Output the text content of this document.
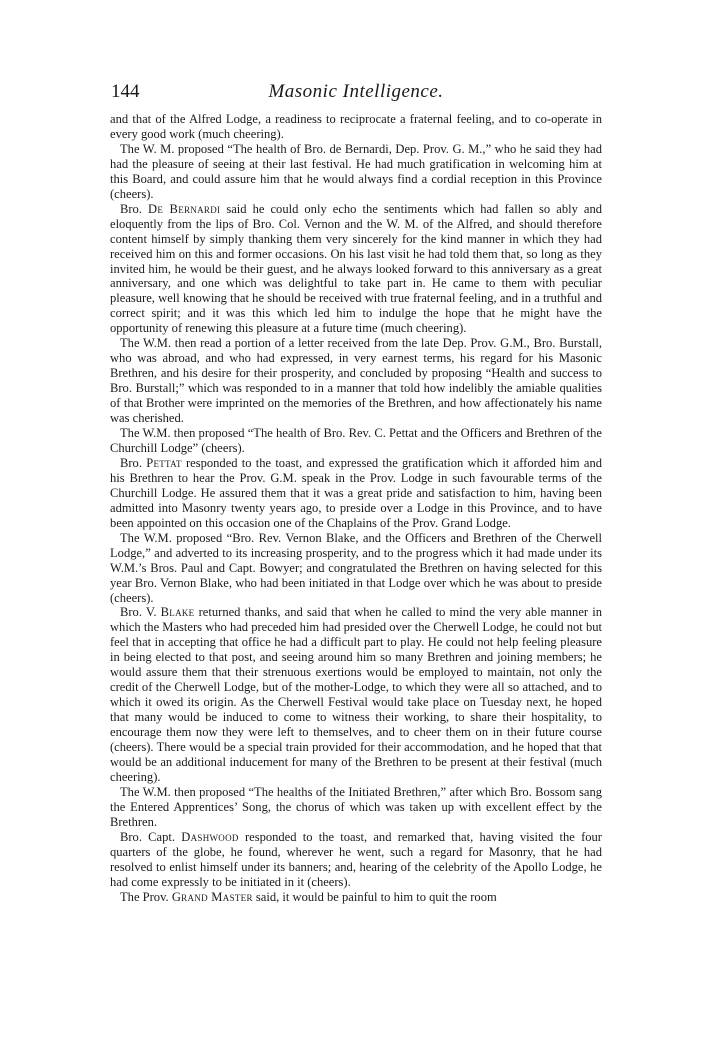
144	Masonic Intelligence.

and that of the Alfred Lodge, a readiness to reciprocate a fraternal feeling, and to co-operate in every good work (much cheering).

The W. M. proposed “The health of Bro. de Bernardi, Dep. Prov. G. M.,” who he said they had had the pleasure of seeing at their last festival. He had much gratification in welcoming him at this Board, and could assure him that he would always find a cordial reception in this Province (cheers).

Bro. De Bernardi said he could only echo the sentiments which had fallen so ably and eloquently from the lips of Bro. Col. Vernon and the W. M. of the Alfred, and should therefore content himself by simply thanking them very sincerely for the kind manner in which they had received him on this and former occasions. On his last visit he had told them that, so long as they invited him, he would be their guest, and he always looked forward to this anniversary as a great anniversary, and one which was delightful to take part in. He came to them with peculiar pleasure, well knowing that he should be received with true fraternal feeling, and in a truthful and correct spirit; and it was this which led him to indulge the hope that he might have the opportunity of renewing this pleasure at a future time (much cheering).

The W.M. then read a portion of a letter received from the late Dep. Prov. G.M., Bro. Burstall, who was abroad, and who had expressed, in very earnest terms, his regard for his Masonic Brethren, and his desire for their prosperity, and concluded by proposing “Health and success to Bro. Burstall;” which was responded to in a manner that told how indelibly the amiable qualities of that Brother were imprinted on the memories of the Brethren, and how affectionately his name was cherished.

The W.M. then proposed “The health of Bro. Rev. C. Pettat and the Officers and Brethren of the Churchill Lodge” (cheers).

Bro. Pettat responded to the toast, and expressed the gratification which it afforded him and his Brethren to hear the Prov. G.M. speak in the Prov. Lodge in such favourable terms of the Churchill Lodge. He assured them that it was a great pride and satisfaction to him, having been admitted into Masonry twenty years ago, to preside over a Lodge in this Province, and to have been appointed on this occasion one of the Chaplains of the Prov. Grand Lodge.

The W.M. proposed “Bro. Rev. Vernon Blake, and the Officers and Brethren of the Cherwell Lodge,” and adverted to its increasing prosperity, and to the progress which it had made under its W.M.’s Bros. Paul and Capt. Bowyer; and congratulated the Brethren on having selected for this year Bro. Vernon Blake, who had been initiated in that Lodge over which he was about to preside (cheers).

Bro. V. Blake returned thanks, and said that when he called to mind the very able manner in which the Masters who had preceded him had presided over the Cherwell Lodge, he could not but feel that in accepting that office he had a difficult part to play. He could not help feeling pleasure in being elected to that post, and seeing around him so many Brethren and joining members; he would assure them that their strenuous exertions would be employed to maintain, not only the credit of the Cherwell Lodge, but of the mother-Lodge, to which they were all so attached, and to which it owed its origin. As the Cherwell Festival would take place on Tuesday next, he hoped that many would be induced to come to witness their working, to share their hospitality, to encourage them now they were left to themselves, and to cheer them on in their future course (cheers). There would be a special train provided for their accommodation, and he hoped that that would be an additional inducement for many of the Brethren to be present at their festival (much cheering).

The W.M. then proposed “The healths of the Initiated Brethren,” after which Bro. Bossom sang the Entered Apprentices’ Song, the chorus of which was taken up with excellent effect by the Brethren.

Bro. Capt. Dashwood responded to the toast, and remarked that, having visited the four quarters of the globe, he found, wherever he went, such a regard for Masonry, that he had resolved to enlist himself under its banners; and, hearing of the celebrity of the Apollo Lodge, he had come expressly to be initiated in it (cheers).

The Prov. Grand Master said, it would be painful to him to quit the room
